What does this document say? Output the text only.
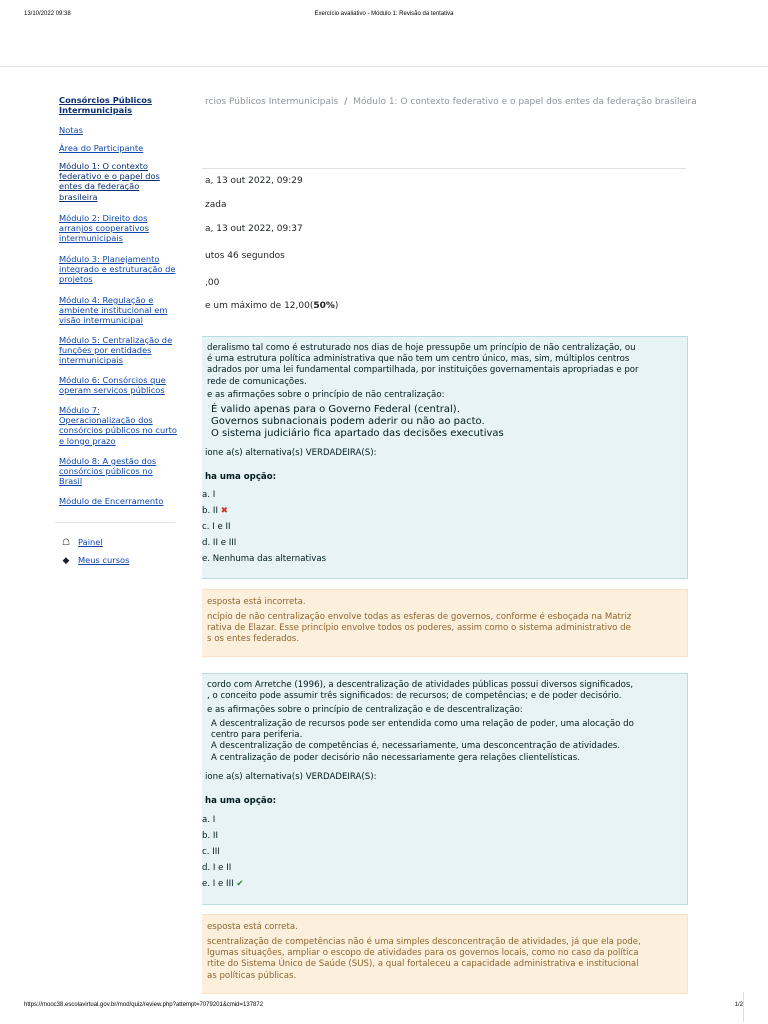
13/10/2022 09:38	Exercício avaliativo - Módulo 1: Revisão da tentativa
rcios Públicos Intermunicipais / Módulo 1: O contexto federativo e o papel dos entes da federação brasileira
a, 13 out 2022, 09:29
zada
a, 13 out 2022, 09:37
utos 46 segundos
,00
e um máximo de 12,00(50%)
deralismo tal como é estruturado nos dias de hoje pressupõe um princípio de não centralização, ou
é uma estrutura política administrativa que não tem um centro único, mas, sim, múltiplos centros
adrados por uma lei fundamental compartilhada, por instituições governamentais apropriadas e por
rede de comunicações.
e as afirmações sobre o princípio de não centralização:
É valido apenas para o Governo Federal (central).
Governos subnacionais podem aderir ou não ao pacto.
O sistema judiciário fica apartado das decisões executivas
ione a(s) alternativa(s) VERDADEIRA(S):
ha uma opção:
a. I
b. II ✖
c. I e II
d. II e III
e. Nenhuma das alternativas
esposta está incorreta.
ncípio de não centralização envolve todas as esferas de governos, conforme é esboçada na Matriz
rativa de Elazar. Esse princípio envolve todos os poderes, assim como o sistema administrativo de
s os entes federados.
cordo com Arretche (1996), a descentralização de atividades públicas possui diversos significados,
, o conceito pode assumir três significados: de recursos; de competências; e de poder decisório.
e as afirmações sobre o princípio de centralização e de descentralização:
A descentralização de recursos pode ser entendida como uma relação de poder, uma alocação do
centro para periferia.
A descentralização de competências é, necessariamente, uma desconcentração de atividades.
A centralização de poder decisório não necessariamente gera relações clientelísticas.
ione a(s) alternativa(s) VERDADEIRA(S):
ha uma opção:
a. I
b. II
c. III
d. I e II
e. I e III ✔
esposta está correta.
scentralização de competências não é uma simples desconcentração de atividades, já que ela pode,
lgumas situações, ampliar o escopo de atividades para os governos locais, como no caso da política
rtite do Sistema Único de Saúde (SUS), a qual fortaleceu a capacidade administrativa e institucional
as políticas públicas.
Consórcios Públicos Intermunicipais
Notas
Área do Participante
Módulo 1: O contexto federativo e o papel dos entes da federação brasileira
Módulo 2: Direito dos arranjos cooperativos intermunicipais
Módulo 3: Planejamento integrado e estruturação de projetos
Módulo 4: Regulação e ambiente institucional em visão intermunicipal
Módulo 5: Centralização de funções por entidades intermunicipais
Módulo 6: Consórcios que operam serviços públicos
Módulo 7: Operacionalização dos consórcios públicos no curto e longo prazo
Módulo 8: A gestão dos consórcios públicos no Brasil
Módulo de Encerramento
☖ Painel
◆ Meus cursos
https://mooc38.escolavirtual.gov.br/mod/quiz/review.php?attempt=7079201&cmid=137872	1/2
